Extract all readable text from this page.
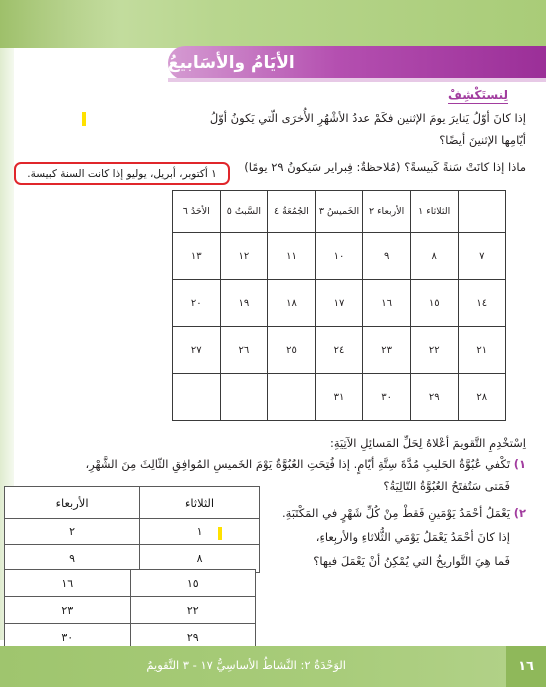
الأيَامُ والأسَابيعُ
لِنستَكْشِفْ
إذا كانَ أوّلُ يَنايرَ يومَ الإثنين فكَمْ عددُ الأشْهُرِ الأُخرَى الّتي يَكونُ أوّلُ
أيّامِها الإثنينَ أيضًا؟
ماذا إذا كانَتْ سَنةً كَبيسةً؟ (مُلاحظةٌ: فِبراير سَيكونُ ٢٩ يومًا)
١ أكتوبر، أبريل، يوليو إذا كانت السنة كبيسة.
	الثلاثاء ١	الأربعاء ٢	الخَميسُ ٣	الجُمُعَةُ ٤	السَّبتُ ٥	الأحَدُ ٦
٧	٨	٩	١٠	١١	١٢	١٣
١٤	١٥	١٦	١٧	١٨	١٩	٢٠
٢١	٢٢	٢٣	٢٤	٢٥	٢٦	٢٧
٢٨	٢٩	٣٠	٣١			
اِسْتخْدِمِ التَّقويمَ أعْلاهُ لِحَلِّ المَسائِلِ الآتِيَةِ:
١) تَكْفي عُبُوَّةُ الحَليبِ مُدَّةَ سِتَّةِ أيّامٍ. إذا فُتِحَتِ العُبُوَّةُ يَوْمَ الخَميسِ المُوافِقِ الثّالِثَ مِنَ الشَّهْرِ،
فَمَتى سَتُفتَحُ العُبُوَّةُ التّالِيَةُ؟
٢) يَعْمَلُ أحْمَدُ يَوْمَينِ فَقطْ مِنْ كُلِّ شَهْرٍ في المَكْتَبَةِ.
إذا كانَ أحْمَدُ يَعْمَلُ يَوْمَي الثُّلاثاءِ والأربِعاءِ،
فَما هِيَ التَّواريخُ التي يُمْكِنُ أنْ يَعْمَلَ فيها؟
الثلاثاء	الأربعاء
١	٢
٨	٩
١٥	١٦
٢٢	٢٣
٢٩	٣٠
١٦
الوَحْدَةُ ٢: النَّشاطُ الأساسِيُّ ١٧ - ٣ التَّقويمُ
